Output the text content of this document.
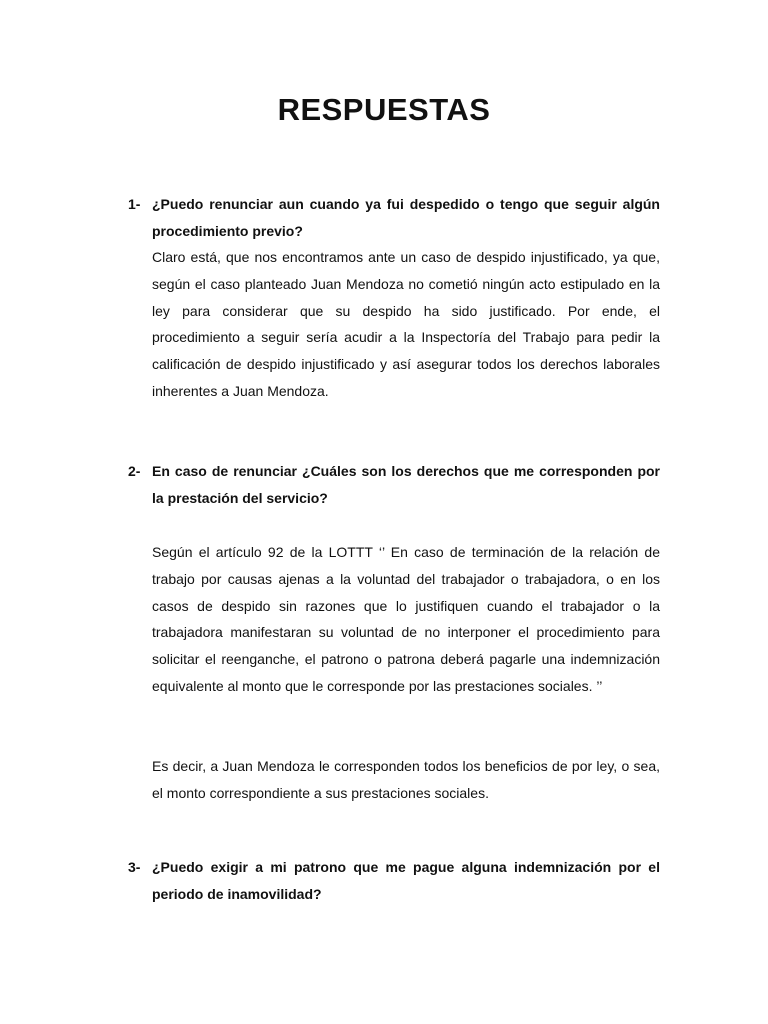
RESPUESTAS
1- ¿Puedo renunciar aun cuando ya fui despedido o tengo que seguir algún procedimiento previo?
Claro está, que nos encontramos ante un caso de despido injustificado, ya que, según el caso planteado Juan Mendoza no cometió ningún acto estipulado en la ley para considerar que su despido ha sido justificado. Por ende, el procedimiento a seguir sería acudir a la Inspectoría del Trabajo para pedir la calificación de despido injustificado y así asegurar todos los derechos laborales inherentes a Juan Mendoza.
2- En caso de renunciar ¿Cuáles son los derechos que me corresponden por la prestación del servicio?
Según el artículo 92 de la LOTTT ‘’ En caso de terminación de la relación de trabajo por causas ajenas a la voluntad del trabajador o trabajadora, o en los casos de despido sin razones que lo justifiquen cuando el trabajador o la trabajadora manifestaran su voluntad de no interponer el procedimiento para solicitar el reenganche, el patrono o patrona deberá pagarle una indemnización equivalente al monto que le corresponde por las prestaciones sociales. ’’
Es decir, a Juan Mendoza le corresponden todos los beneficios de por ley, o sea, el monto correspondiente a sus prestaciones sociales.
3- ¿Puedo exigir a mi patrono que me pague alguna indemnización por el periodo de inamovilidad?
